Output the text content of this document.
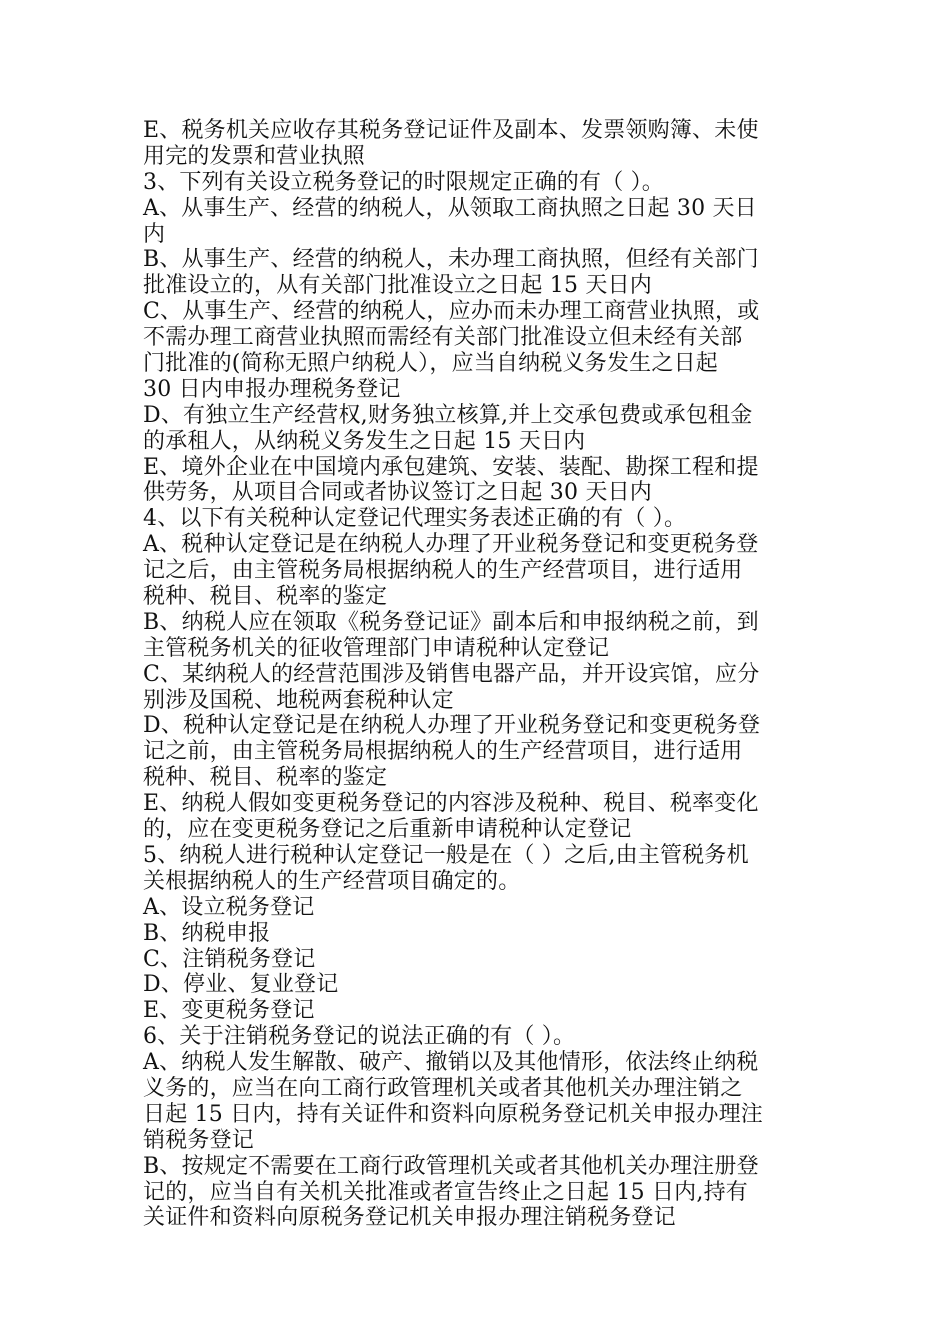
E、税务机关应收存其税务登记证件及副本、发票领购簿、未使
用完的发票和营业执照
3、下列有关设立税务登记的时限规定正确的有（ ）。
A、从事生产、经营的纳税人，从领取工商执照之日起 30 天日
内
B、从事生产、经营的纳税人，未办理工商执照，但经有关部门
批准设立的，从有关部门批准设立之日起 15 天日内
C、从事生产、经营的纳税人，应办而未办理工商营业执照，或
不需办理工商营业执照而需经有关部门批准设立但未经有关部
门批准的(简称无照户纳税人），应当自纳税义务发生之日起
30 日内申报办理税务登记
D、有独立生产经营权,财务独立核算,并上交承包费或承包租金
的承租人，从纳税义务发生之日起 15 天日内
E、境外企业在中国境内承包建筑、安装、装配、勘探工程和提
供劳务，从项目合同或者协议签订之日起 30 天日内
4、以下有关税种认定登记代理实务表述正确的有（ ）。
A、税种认定登记是在纳税人办理了开业税务登记和变更税务登
记之后，由主管税务局根据纳税人的生产经营项目，进行适用
税种、税目、税率的鉴定
B、纳税人应在领取《税务登记证》副本后和申报纳税之前，到
主管税务机关的征收管理部门申请税种认定登记
C、某纳税人的经营范围涉及销售电器产品，并开设宾馆，应分
别涉及国税、地税两套税种认定
D、税种认定登记是在纳税人办理了开业税务登记和变更税务登
记之前，由主管税务局根据纳税人的生产经营项目，进行适用
税种、税目、税率的鉴定
E、纳税人假如变更税务登记的内容涉及税种、税目、税率变化
的，应在变更税务登记之后重新申请税种认定登记
5、纳税人进行税种认定登记一般是在（ ）之后,由主管税务机
关根据纳税人的生产经营项目确定的。
A、设立税务登记
B、纳税申报
C、注销税务登记
D、停业、复业登记
E、变更税务登记
6、关于注销税务登记的说法正确的有（ ）。
A、纳税人发生解散、破产、撤销以及其他情形，依法终止纳税
义务的，应当在向工商行政管理机关或者其他机关办理注销之
日起 15 日内，持有关证件和资料向原税务登记机关申报办理注
销税务登记
B、按规定不需要在工商行政管理机关或者其他机关办理注册登
记的，应当自有关机关批准或者宣告终止之日起 15 日内,持有
关证件和资料向原税务登记机关申报办理注销税务登记
